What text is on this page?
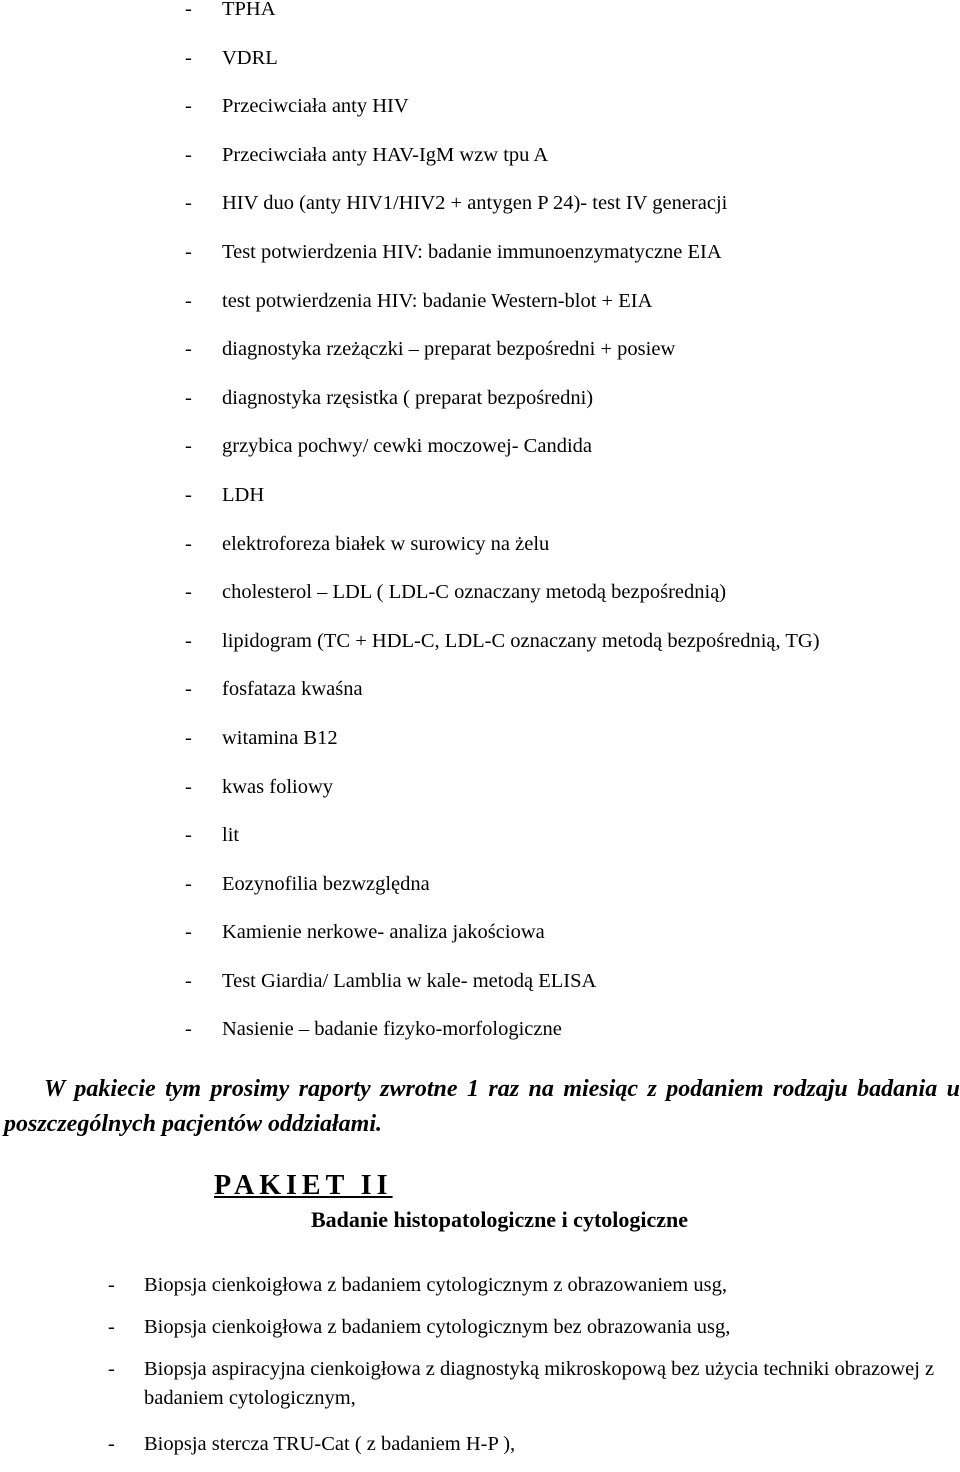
- TPHA
- VDRL
- Przeciwciała anty HIV
- Przeciwciała anty HAV-IgM wzw tpu A
- HIV duo (anty HIV1/HIV2 + antygen P 24)- test IV generacji
- Test potwierdzenia HIV: badanie immunoenzymatyczne EIA
- test potwierdzenia HIV: badanie Western-blot + EIA
- diagnostyka rzeżączki – preparat bezpośredni + posiew
- diagnostyka rzęsistka ( preparat bezpośredni)
- grzybica pochwy/ cewki moczowej- Candida
- LDH
- elektroforeza białek w surowicy na żelu
- cholesterol – LDL ( LDL-C oznaczany metodą bezpośrednią)
- lipidogram (TC + HDL-C, LDL-C oznaczany metodą bezpośrednią, TG)
- fosfataza kwaśna
- witamina B12
- kwas foliowy
- lit
- Eozynofilia bezwzględna
- Kamienie nerkowe- analiza jakościowa
- Test Giardia/ Lamblia w kale- metodą ELISA
- Nasienie – badanie fizyko-morfologiczne

W pakiecie tym prosimy raporty zwrotne 1 raz na miesiąc z podaniem rodzaju badania u poszczególnych pacjentów oddziałami.

PAKIET II
Badanie histopatologiczne i cytologiczne
- Biopsja cienkoigłowa z badaniem cytologicznym z obrazowaniem usg,
- Biopsja cienkoigłowa z badaniem cytologicznym bez obrazowania usg,
- Biopsja aspiracyjna cienkoigłowa z diagnostyką mikroskopową bez użycia techniki obrazowej z badaniem cytologicznym,
- Biopsja stercza TRU-Cat ( z badaniem H-P ),
